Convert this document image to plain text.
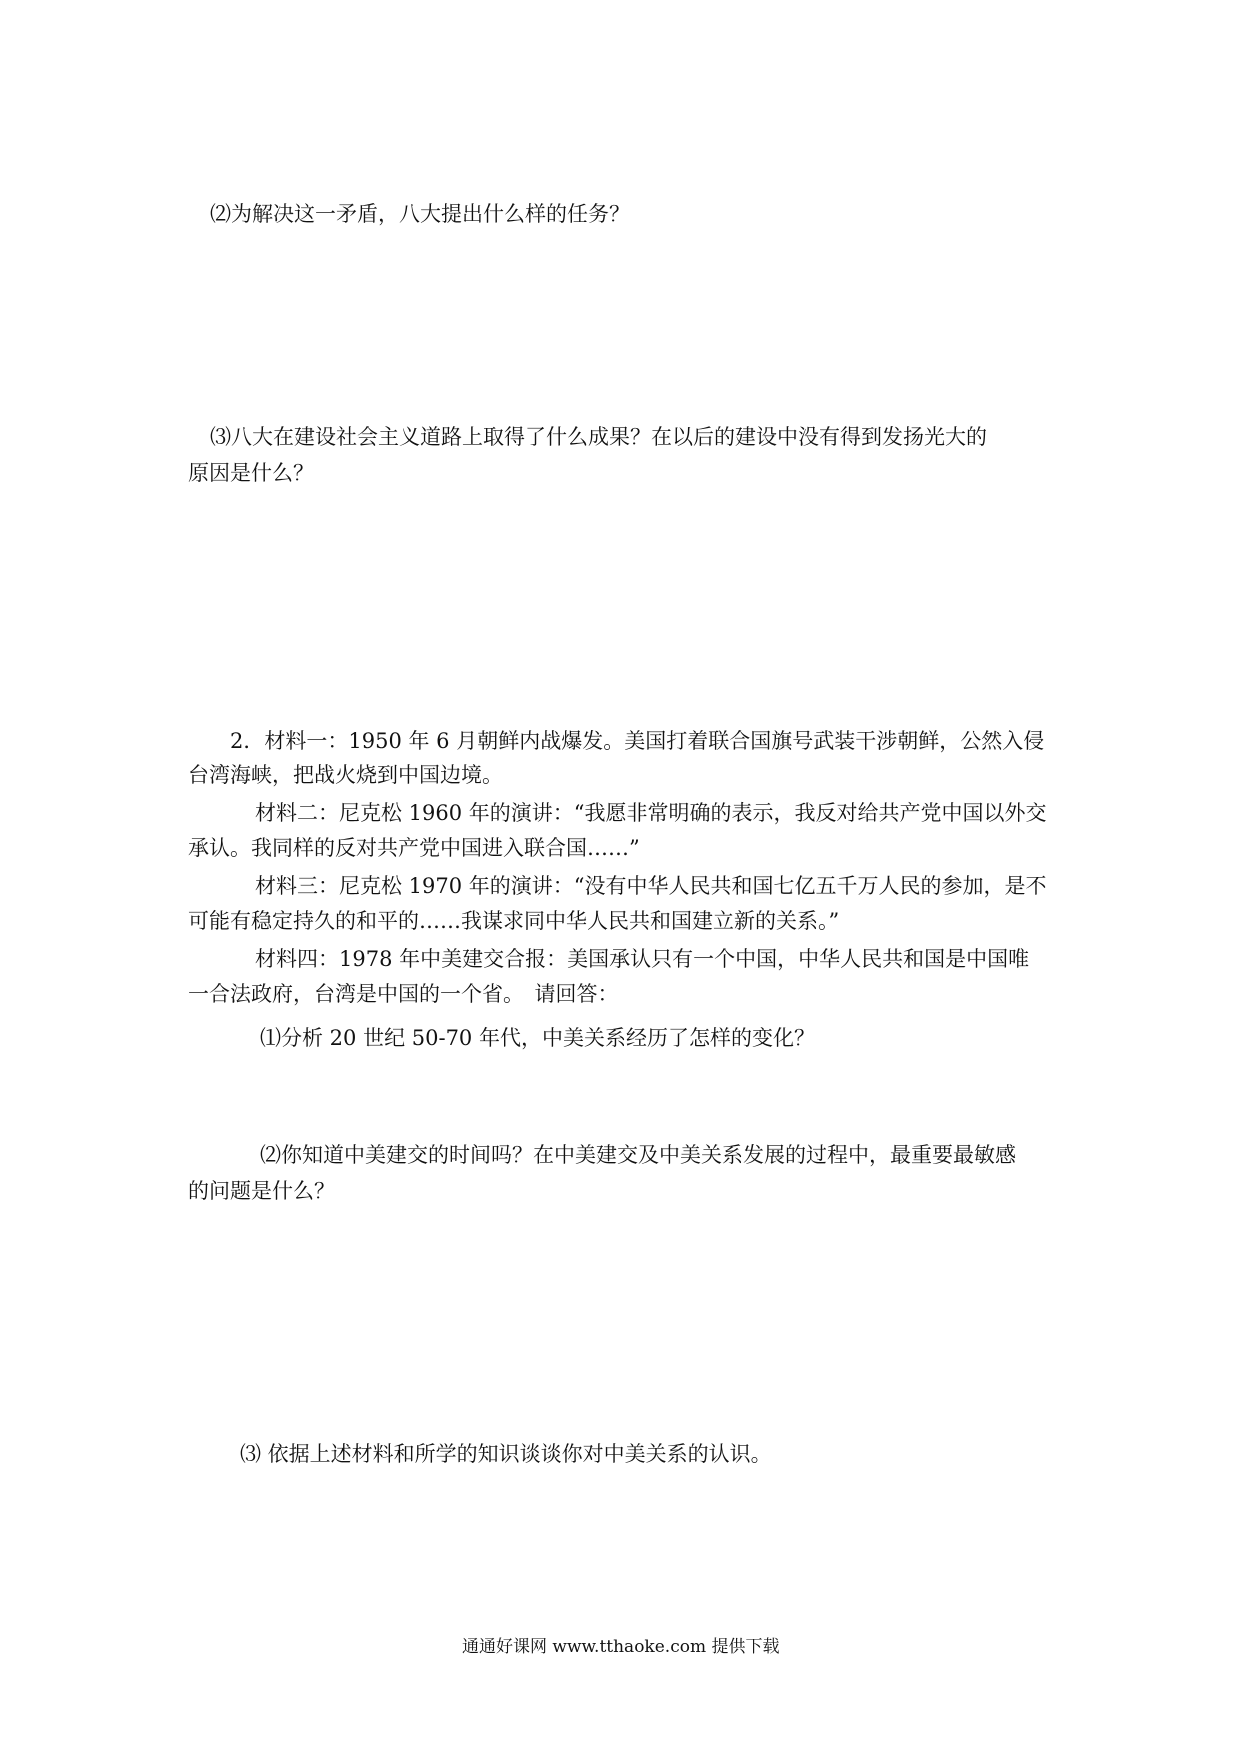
⑵为解决这一矛盾，八大提出什么样的任务？
⑶八大在建设社会主义道路上取得了什么成果？在以后的建设中没有得到发扬光大的
原因是什么？
2．材料一：1950 年 6 月朝鲜内战爆发。美国打着联合国旗号武装干涉朝鲜，公然入侵
台湾海峡，把战火烧到中国边境。
材料二：尼克松 1960 年的演讲：“我愿非常明确的表示，我反对给共产党中国以外交
承认。我同样的反对共产党中国进入联合国……”
材料三：尼克松 1970 年的演讲：“没有中华人民共和国七亿五千万人民的参加，是不
可能有稳定持久的和平的……我谋求同中华人民共和国建立新的关系。”
材料四：1978 年中美建交合报：美国承认只有一个中国，中华人民共和国是中国唯
一合法政府，台湾是中国的一个省。　请回答：
⑴分析 20 世纪 50-70 年代，中美关系经历了怎样的变化？
⑵你知道中美建交的时间吗？在中美建交及中美关系发展的过程中，最重要最敏感
的问题是什么？
⑶ 依据上述材料和所学的知识谈谈你对中美关系的认识。
通通好课网 www.tthaoke.com 提供下载
